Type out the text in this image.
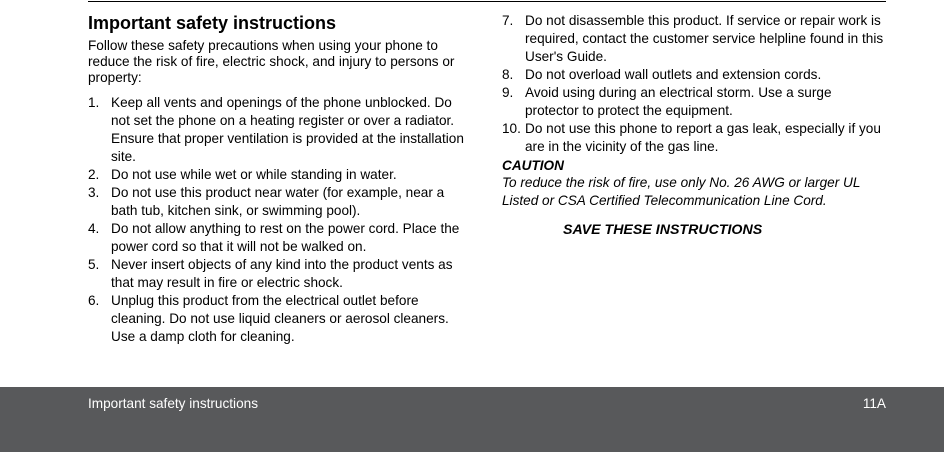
Important safety instructions

Follow these safety precautions when using your phone to reduce the risk of fire, electric shock, and injury to persons or property:

1. Keep all vents and openings of the phone unblocked. Do not set the phone on a heating register or over a radiator. Ensure that proper ventilation is provided at the installation site.
2. Do not use while wet or while standing in water.
3. Do not use this product near water (for example, near a bath tub, kitchen sink, or swimming pool).
4. Do not allow anything to rest on the power cord. Place the power cord so that it will not be walked on.
5. Never insert objects of any kind into the product vents as that may result in fire or electric shock.
6. Unplug this product from the electrical outlet before cleaning. Do not use liquid cleaners or aerosol cleaners. Use a damp cloth for cleaning.
7. Do not disassemble this product. If service or repair work is required, contact the customer service helpline found in this User's Guide.
8. Do not overload wall outlets and extension cords.
9. Avoid using during an electrical storm. Use a surge protector to protect the equipment.
10. Do not use this phone to report a gas leak, especially if you are in the vicinity of the gas line.
CAUTION
To reduce the risk of fire, use only No. 26 AWG or larger UL Listed or CSA Certified Telecommunication Line Cord.
SAVE THESE INSTRUCTIONS
Important safety instructions	11A
